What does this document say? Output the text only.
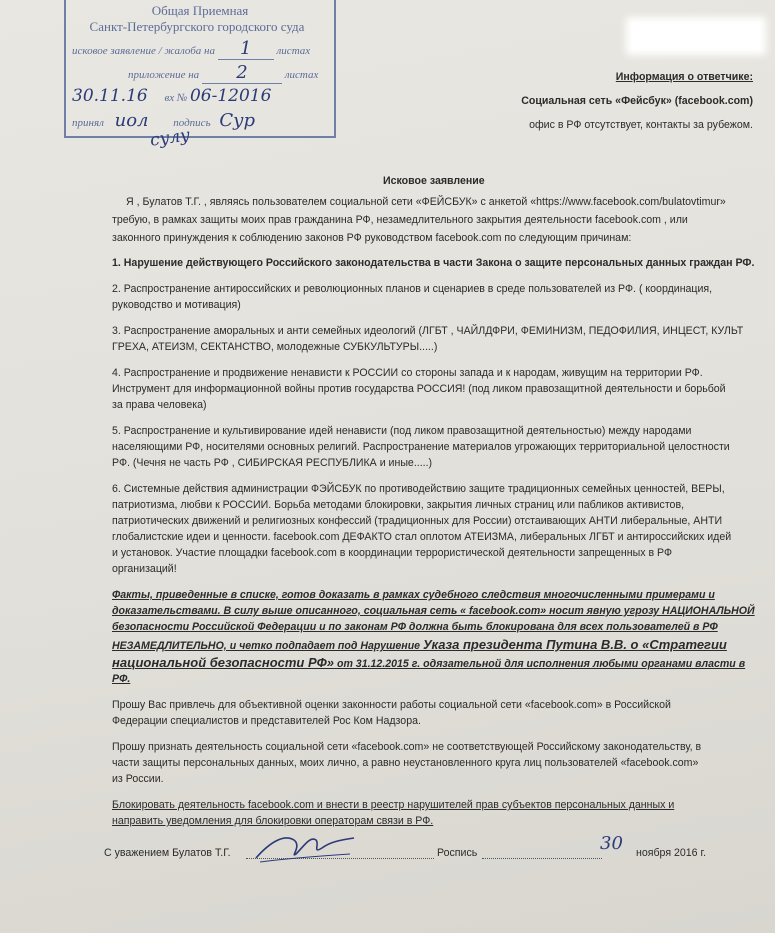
Общая Приемная
Санкт-Петербургского городского суда
исковое заявление / жалоба на 1 листах
приложение на 2	листах
30.11.16 вх № 06-12016
принял иол подпись Сур
сулу
Информация о ответчике:
Социальная сеть «Фейсбук» (facebook.com)
офис в РФ отсутствует, контакты за рубежом.
Исковое заявление
Я , Булатов Т.Г. , являясь пользователем социальной сети «ФЕЙСБУК» с анкетой «https://www.facebook.com/bulatovtimur»
требую, в рамках защиты моих прав гражданина РФ, незамедлительного закрытия деятельности facebook.com , или
законного принуждения к соблюдению законов РФ руководством facebook.com по следующим причинам:
1. Нарушение действующего Российского законодательства в части Закона о защите персональных данных граждан РФ.
2. Распространение антироссийских и революционных планов и сценариев в среде пользователей из РФ. ( координация,
руководство и мотивация)
3. Распространение аморальных и анти семейных идеологий (ЛГБТ , ЧАЙЛДФРИ, ФЕМИНИЗМ, ПЕДОФИЛИЯ, ИНЦЕСТ, КУЛЬТ
ГРЕХА, АТЕИЗМ, СЕКТАНСТВО, молодежные СУБКУЛЬТУРЫ.....)
4. Распространение и продвижение ненависти к РОССИИ со стороны запада и к народам, живущим на территории РФ.
Инструмент для информационной войны против государства РОССИЯ! (под ликом правозащитной деятельности и борьбой
за права человека)
5. Распространение и культивирование идей ненависти (под ликом правозащитной деятельностью) между народами
населяющими РФ, носителями основных религий. Распространение материалов угрожающих территориальной целостности
РФ. (Чечня не часть РФ , СИБИРСКАЯ РЕСПУБЛИКА и иные.....)
6. Системные действия администрации ФЭЙСБУК по противодействию защите традиционных семейных ценностей, ВЕРЫ,
патриотизма, любви к РОССИИ. Борьба методами блокировки, закрытия личных страниц или пабликов активистов,
патриотических движений и религиозных конфессий (традиционных для России) отстаивающих АНТИ либеральные, АНТИ
глобалистские идеи и ценности. facebook.com ДЕФАКТО стал оплотом АТЕИЗМА, либеральных ЛГБТ и антироссийских идей
и установок. Участие площадки facebook.com в координации террористической деятельности запрещенных в РФ
организаций!
Факты, приведенные в списке, готов доказать в рамках судебного следствия многочисленными примерами и
доказательствами. В силу выше описанного, социальная сеть « facebook.com» носит явную угрозу НАЦИОНАЛЬНОЙ
безопасности Российской Федерации и по законам РФ должна быть блокирована для всех пользователей в РФ
НЕЗАМЕДЛИТЕЛЬНО, и четко подпадает под Нарушение Указа президента Путина В.В. о «Стратегии
национальной безопасности РФ» от 31.12.2015 г. одязательной для исполнения любыми органами власти в
РФ.
Прошу Вас привлечь для объективной оценки законности работы социальной сети «facebook.com» в Российской
Федерации специалистов и представителей Рос Ком Надзора.
Прошу признать деятельность социальной сети «facebook.com» не соответствующей Российскому законодательству, в
части защиты персональных данных, моих лично, а равно неустановленного круга лиц пользователей «facebook.com»
из России.
Блокировать деятельность facebook.com и внести в реестр нарушителей прав субъектов персональных данных и
направить уведомления для блокировки операторам связи в РФ.
С уважением Булатов Т.Г.	Роспись	30 ноября 2016 г.
